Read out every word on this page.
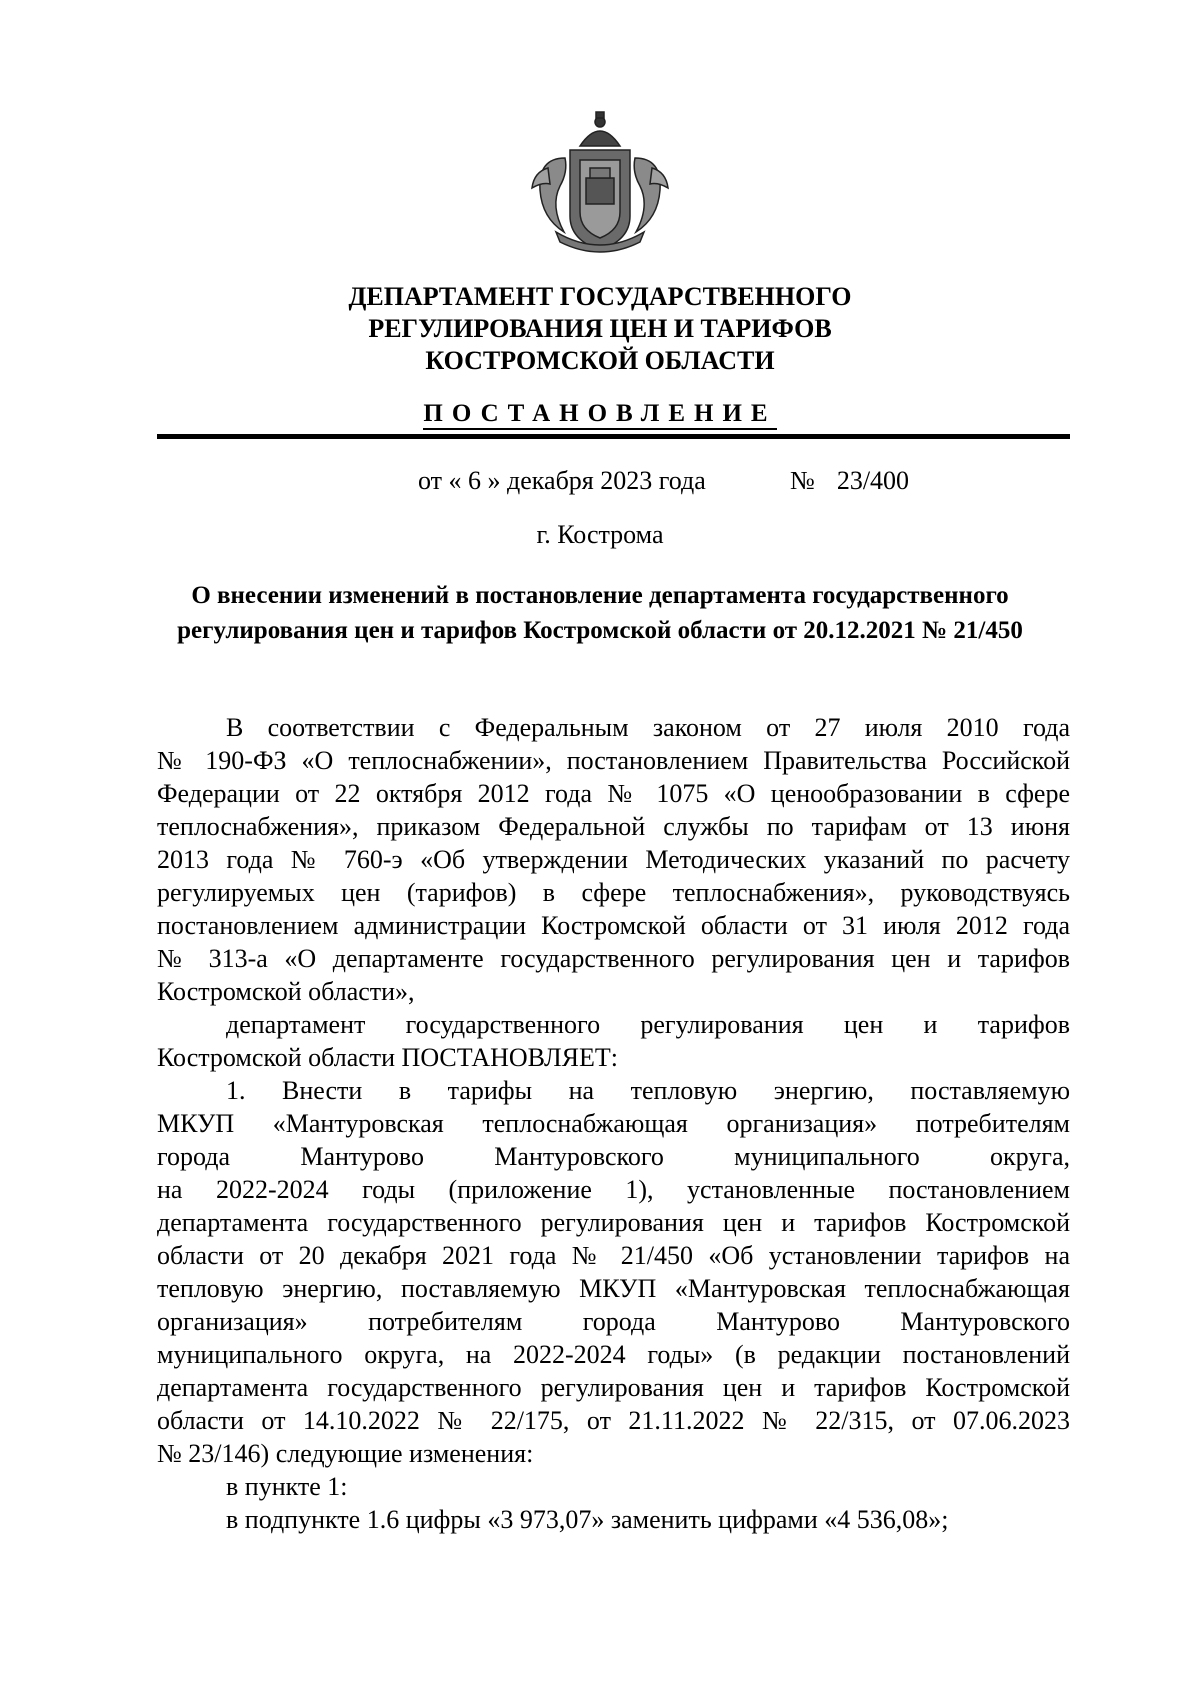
ДЕПАРТАМЕНТ ГОСУДАРСТВЕННОГО
РЕГУЛИРОВАНИЯ ЦЕН И ТАРИФОВ
КОСТРОМСКОЙ ОБЛАСТИ
ПОСТАНОВЛЕНИЕ
от « 6 » декабря 2023 года	№ 23/400
г. Кострома
О внесении изменений в постановление департамента государственного
регулирования цен и тарифов Костромской области от 20.12.2021 № 21/450
В соответствии с Федеральным законом от 27 июля 2010 года
№ 190-ФЗ «О теплоснабжении», постановлением Правительства Российской
Федерации от 22 октября 2012 года № 1075 «О ценообразовании в сфере
теплоснабжения», приказом Федеральной службы по тарифам от 13 июня
2013 года № 760-э «Об утверждении Методических указаний по расчету
регулируемых цен (тарифов) в сфере теплоснабжения», руководствуясь
постановлением администрации Костромской области от 31 июля 2012 года
№ 313-а «О департаменте государственного регулирования цен и тарифов
Костромской области»,
департамент государственного регулирования цен и тарифов
Костромской области ПОСТАНОВЛЯЕТ:
1. Внести в тарифы на тепловую энергию, поставляемую
МКУП «Мантуровская теплоснабжающая организация» потребителям
города Мантурово Мантуровского муниципального округа,
на 2022-2024 годы (приложение 1), установленные постановлением
департамента государственного регулирования цен и тарифов Костромской
области от 20 декабря 2021 года № 21/450 «Об установлении тарифов на
тепловую энергию, поставляемую МКУП «Мантуровская теплоснабжающая
организация» потребителям города Мантурово Мантуровского
муниципального округа, на 2022-2024 годы» (в редакции постановлений
департамента государственного регулирования цен и тарифов Костромской
области от 14.10.2022 № 22/175, от 21.11.2022 № 22/315, от 07.06.2023
№ 23/146) следующие изменения:
в пункте 1:
в подпункте 1.6 цифры «3 973,07» заменить цифрами «4 536,08»;
